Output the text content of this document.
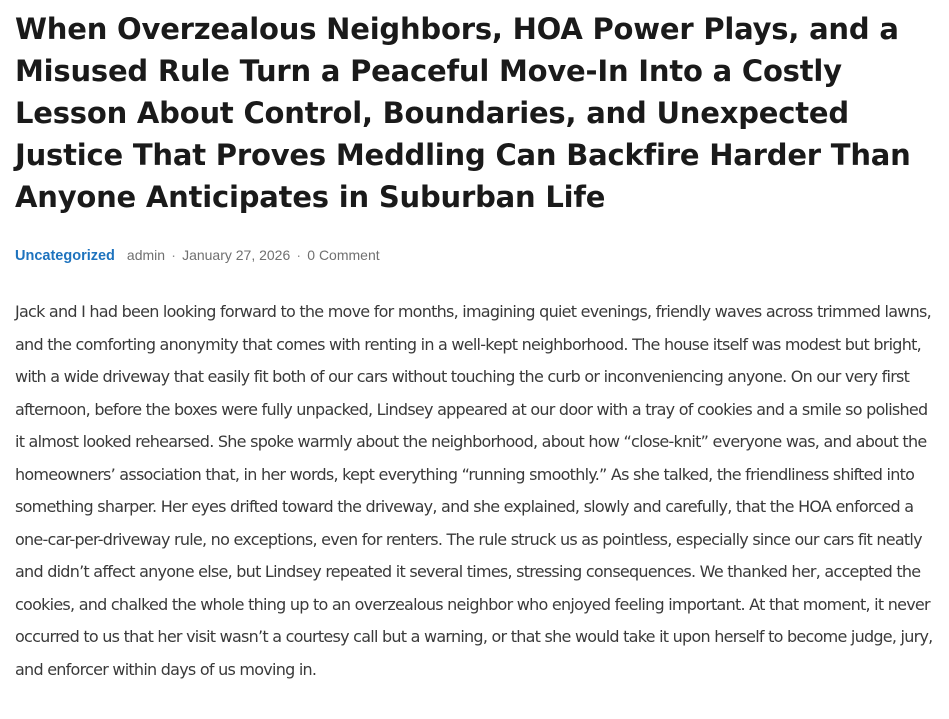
When Overzealous Neighbors, HOA Power Plays, and a Misused Rule Turn a Peaceful Move-In Into a Costly Lesson About Control, Boundaries, and Unexpected Justice That Proves Meddling Can Backfire Harder Than Anyone Anticipates in Suburban Life
Uncategorized admin · January 27, 2026 · 0 Comment

Jack and I had been looking forward to the move for months, imagining quiet evenings, friendly waves across trimmed lawns, and the comforting anonymity that comes with renting in a well-kept neighborhood. The house itself was modest but bright, with a wide driveway that easily fit both of our cars without touching the curb or inconveniencing anyone. On our very first afternoon, before the boxes were fully unpacked, Lindsey appeared at our door with a tray of cookies and a smile so polished it almost looked rehearsed. She spoke warmly about the neighborhood, about how “close-knit” everyone was, and about the homeowners’ association that, in her words, kept everything “running smoothly.” As she talked, the friendliness shifted into something sharper. Her eyes drifted toward the driveway, and she explained, slowly and carefully, that the HOA enforced a one-car-per-driveway rule, no exceptions, even for renters. The rule struck us as pointless, especially since our cars fit neatly and didn’t affect anyone else, but Lindsey repeated it several times, stressing consequences. We thanked her, accepted the cookies, and chalked the whole thing up to an overzealous neighbor who enjoyed feeling important. At that moment, it never occurred to us that her visit wasn’t a courtesy call but a warning, or that she would take it upon herself to become judge, jury, and enforcer within days of us moving in.
